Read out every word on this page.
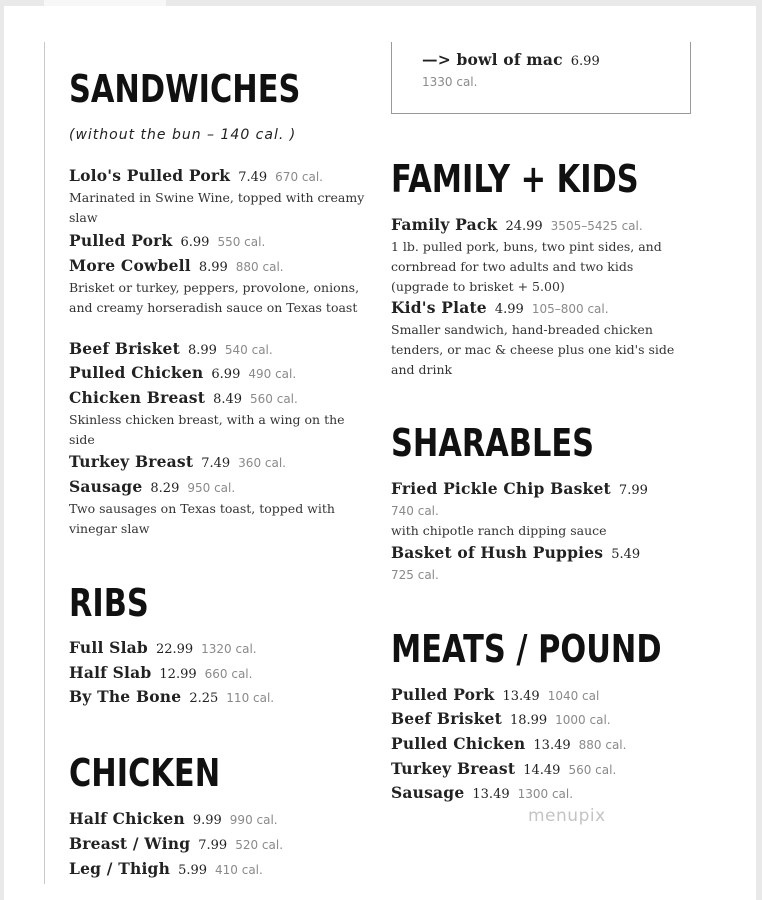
SANDWICHES
(without the bun – 140 cal. )
Lolo's Pulled Pork 7.49 670 cal.
Marinated in Swine Wine, topped with creamy slaw
Pulled Pork 6.99 550 cal.
More Cowbell 8.99 880 cal.
Brisket or turkey, peppers, provolone, onions, and creamy horseradish sauce on Texas toast
Beef Brisket 8.99 540 cal.
Pulled Chicken 6.99 490 cal.
Chicken Breast 8.49 560 cal.
Skinless chicken breast, with a wing on the side
Turkey Breast 7.49 360 cal.
Sausage 8.29 950 cal.
Two sausages on Texas toast, topped with vinegar slaw
RIBS
Full Slab 22.99 1320 cal.
Half Slab 12.99 660 cal.
By The Bone 2.25 110 cal.
CHICKEN
Half Chicken 9.99 990 cal.
Breast / Wing 7.99 520 cal.
Leg / Thigh 5.99 410 cal.
—> bowl of mac 6.99
1330 cal.
FAMILY + KIDS
Family Pack 24.99 3505–5425 cal.
1 lb. pulled pork, buns, two pint sides, and cornbread for two adults and two kids (upgrade to brisket + 5.00)
Kid's Plate 4.99 105–800 cal.
Smaller sandwich, hand-breaded chicken tenders, or mac & cheese plus one kid's side and drink
SHARABLES
Fried Pickle Chip Basket 7.99
740 cal.
with chipotle ranch dipping sauce
Basket of Hush Puppies 5.49
725 cal.
MEATS / POUND
Pulled Pork 13.49 1040 cal
Beef Brisket 18.99 1000 cal.
Pulled Chicken 13.49 880 cal.
Turkey Breast 14.49 560 cal.
Sausage 13.49 1300 cal.
menupix
